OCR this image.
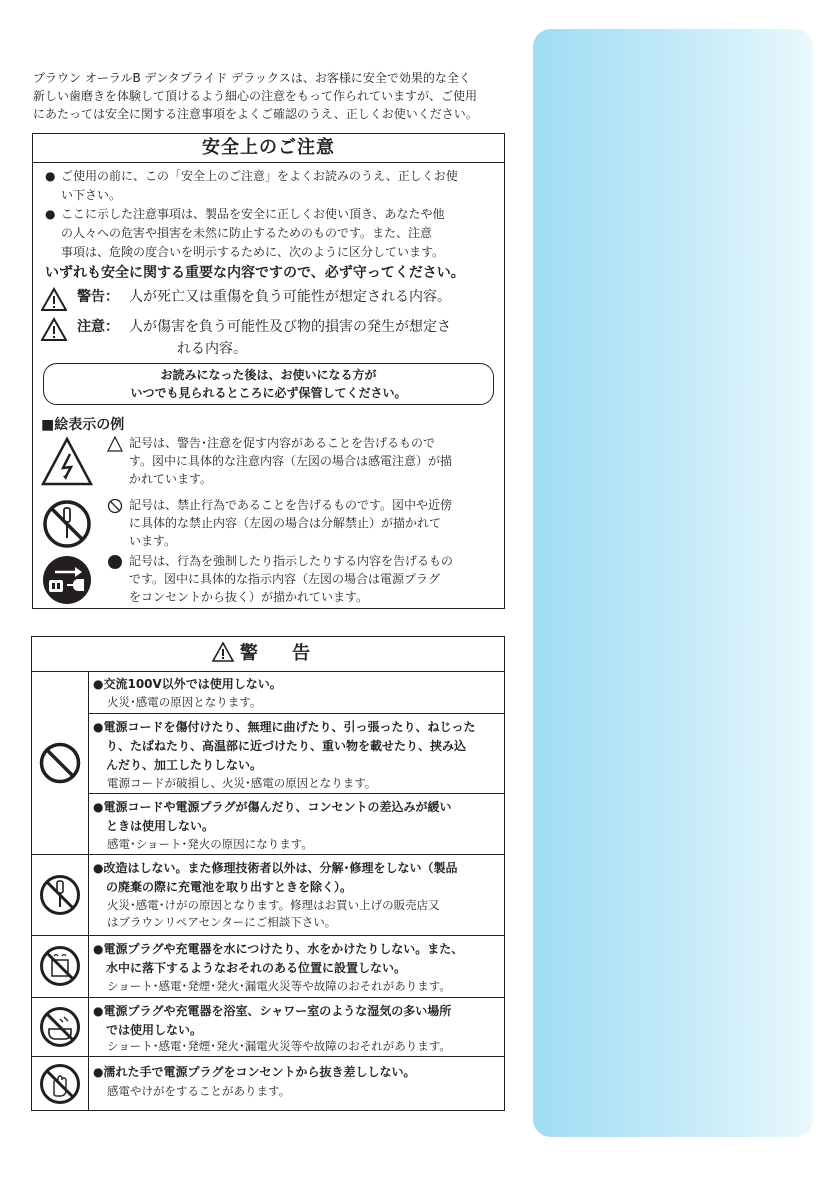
ブラウン オーラルB デンタプライド デラックスは、お客様に安全で効果的な全く

新しい歯磨きを体験して頂けるよう細心の注意をもって作られていますが、ご使用

にあたっては安全に関する注意事項をよくご確認のうえ、正しくお使いください。

安全上のご注意
● ご使用の前に、この「安全上のご注意」をよくお読みのうえ、正しくお使
い下さい。
● ここに示した注意事項は、製品を安全に正しくお使い頂き、あなたや他
の人々への危害や損害を未然に防止するためのものです。また、注意
事項は、危険の度合いを明示するために、次のように区分しています。
いずれも安全に関する重要な内容ですので、必ず守ってください。
警告： 人が死亡又は重傷を負う可能性が想定される内容。
注意： 人が傷害を負う可能性及び物的損害の発生が想定さ
れる内容。
お読みになった後は、お使いになる方が
いつでも見られるところに必ず保管してください。
■絵表示の例
記号は、警告･注意を促す内容があることを告げるもので
す。図中に具体的な注意内容（左図の場合は感電注意）が描
かれています。
記号は、禁止行為であることを告げるものです。図中や近傍
に具体的な禁止内容（左図の場合は分解禁止）が描かれて
います。
記号は、行為を強制したり指示したりする内容を告げるもの
です。図中に具体的な指示内容（左図の場合は電源プラグ
をコンセントから抜く）が描かれています。
警 告
●交流100V以外では使用しない。
火災･感電の原因となります。
●電源コードを傷付けたり、無理に曲げたり、引っ張ったり、ねじった
り、たばねたり、高温部に近づけたり、重い物を載せたり、挟み込
んだり、加工したりしない。
電源コードが破損し、火災･感電の原因となります。
●電源コードや電源プラグが傷んだり、コンセントの差込みが緩い
ときは使用しない。
感電･ショート･発火の原因になります。
●改造はしない。また修理技術者以外は、分解･修理をしない（製品
の廃棄の際に充電池を取り出すときを除く）。
火災･感電･けがの原因となります。修理はお買い上げの販売店又
はブラウンリペアセンターにご相談下さい。
●電源プラグや充電器を水につけたり、水をかけたりしない。また、
水中に落下するようなおそれのある位置に設置しない。
ショート･感電･発煙･発火･漏電火災等や故障のおそれがあります。
●電源プラグや充電器を浴室、シャワー室のような湿気の多い場所
では使用しない。
ショート･感電･発煙･発火･漏電火災等や故障のおそれがあります。
●濡れた手で電源プラグをコンセントから抜き差ししない。
感電やけがをすることがあります。
